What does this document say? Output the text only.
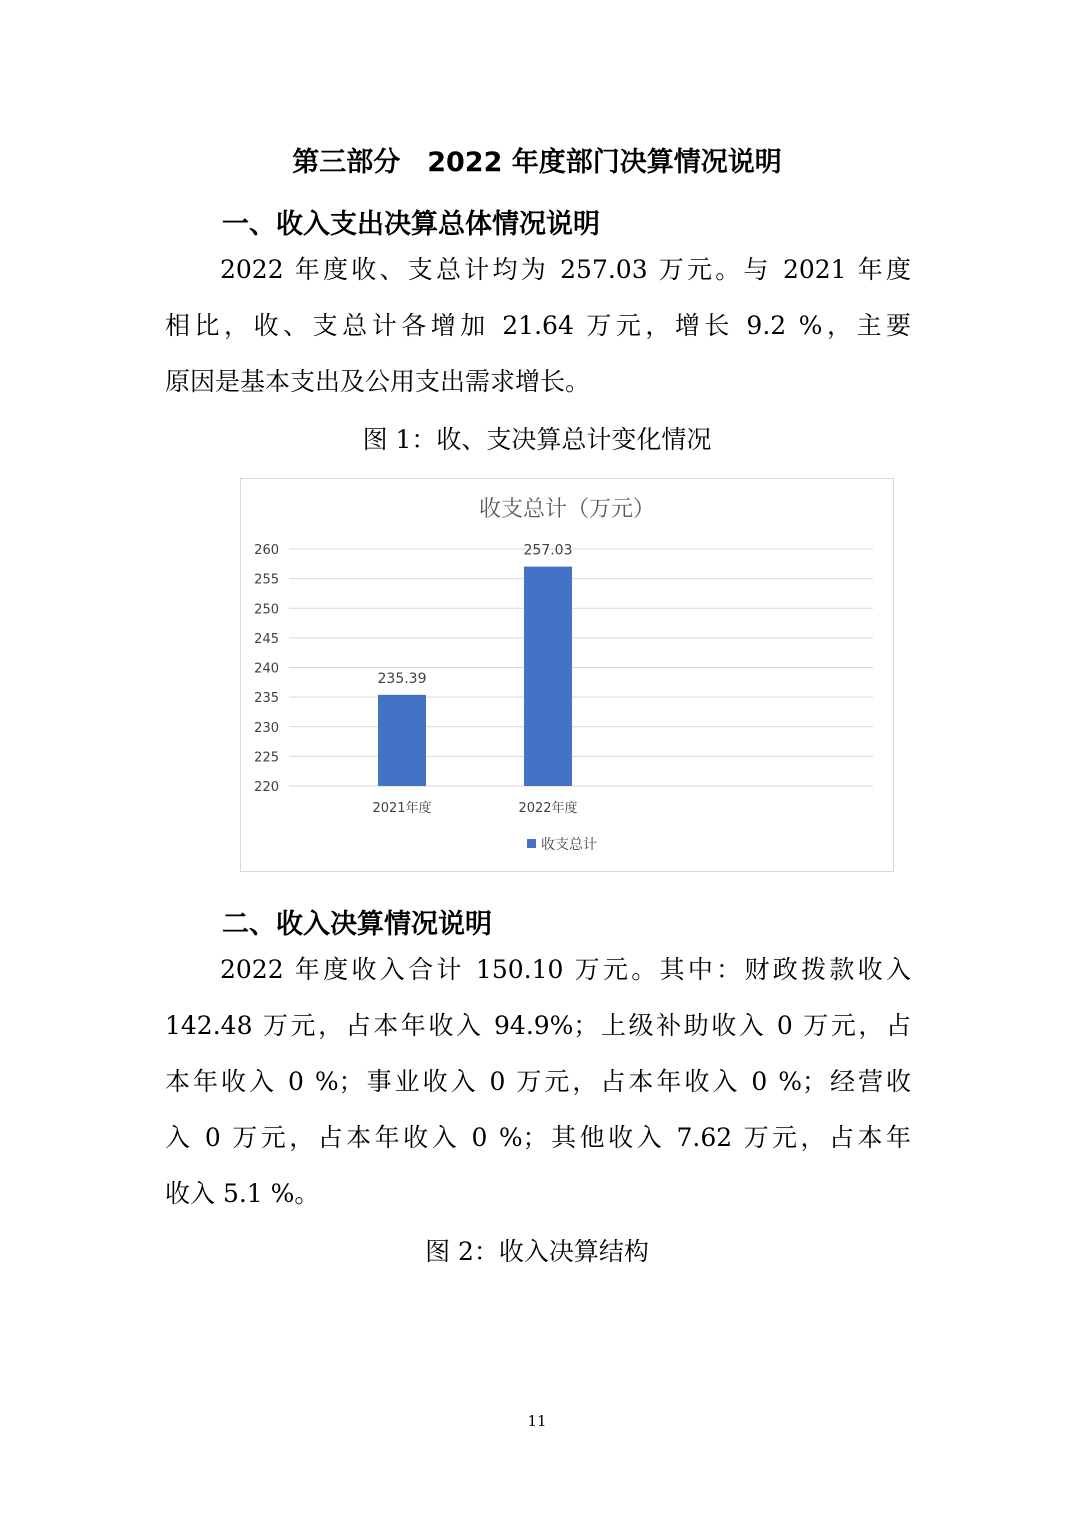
第三部分　2022 年度部门决算情况说明
一、收入支出决算总体情况说明
2022 年度收、支总计均为 257.03 万元。与 2021 年度
相比，收、支总计各增加 21.64 万元，增长 9.2 %，主要
原因是基本支出及公用支出需求增长。
图 1：收、支决算总计变化情况
收支总计（万元）
220
225
230
235
240
245
250
255
260
235.39
257.03
2021年度	2022年度
收支总计
二、收入决算情况说明
2022 年度收入合计 150.10 万元。其中：财政拨款收入
142.48 万元，占本年收入 94.9%；上级补助收入 0 万元，占
本年收入 0 %；事业收入 0 万元，占本年收入 0 %；经营收
入 0 万元，占本年收入 0 %；其他收入 7.62 万元，占本年
收入 5.1 %。
图 2：收入决算结构
11
